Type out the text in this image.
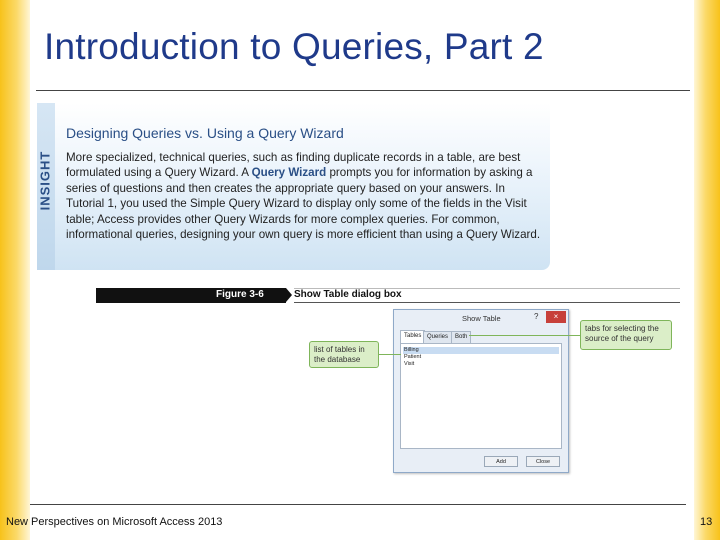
Introduction to Queries, Part 2
INSIGHT
Designing Queries vs. Using a Query Wizard
More specialized, technical queries, such as finding duplicate records in a table, are best formulated using a Query Wizard. A Query Wizard prompts you for information by asking a series of questions and then creates the appropriate query based on your answers. In Tutorial 1, you used the Simple Query Wizard to display only some of the fields in the Visit table; Access provides other Query Wizards for more complex queries. For common, informational queries, designing your own query is more efficient than using a Query Wizard.
Figure 3-6	Show Table dialog box
Show Table	?	×
Tables Queries	Both
Billing
Patient
Visit
Add	Close
list of tables in the database
tabs for selecting the source of the query
New Perspectives on Microsoft Access 2013	13
